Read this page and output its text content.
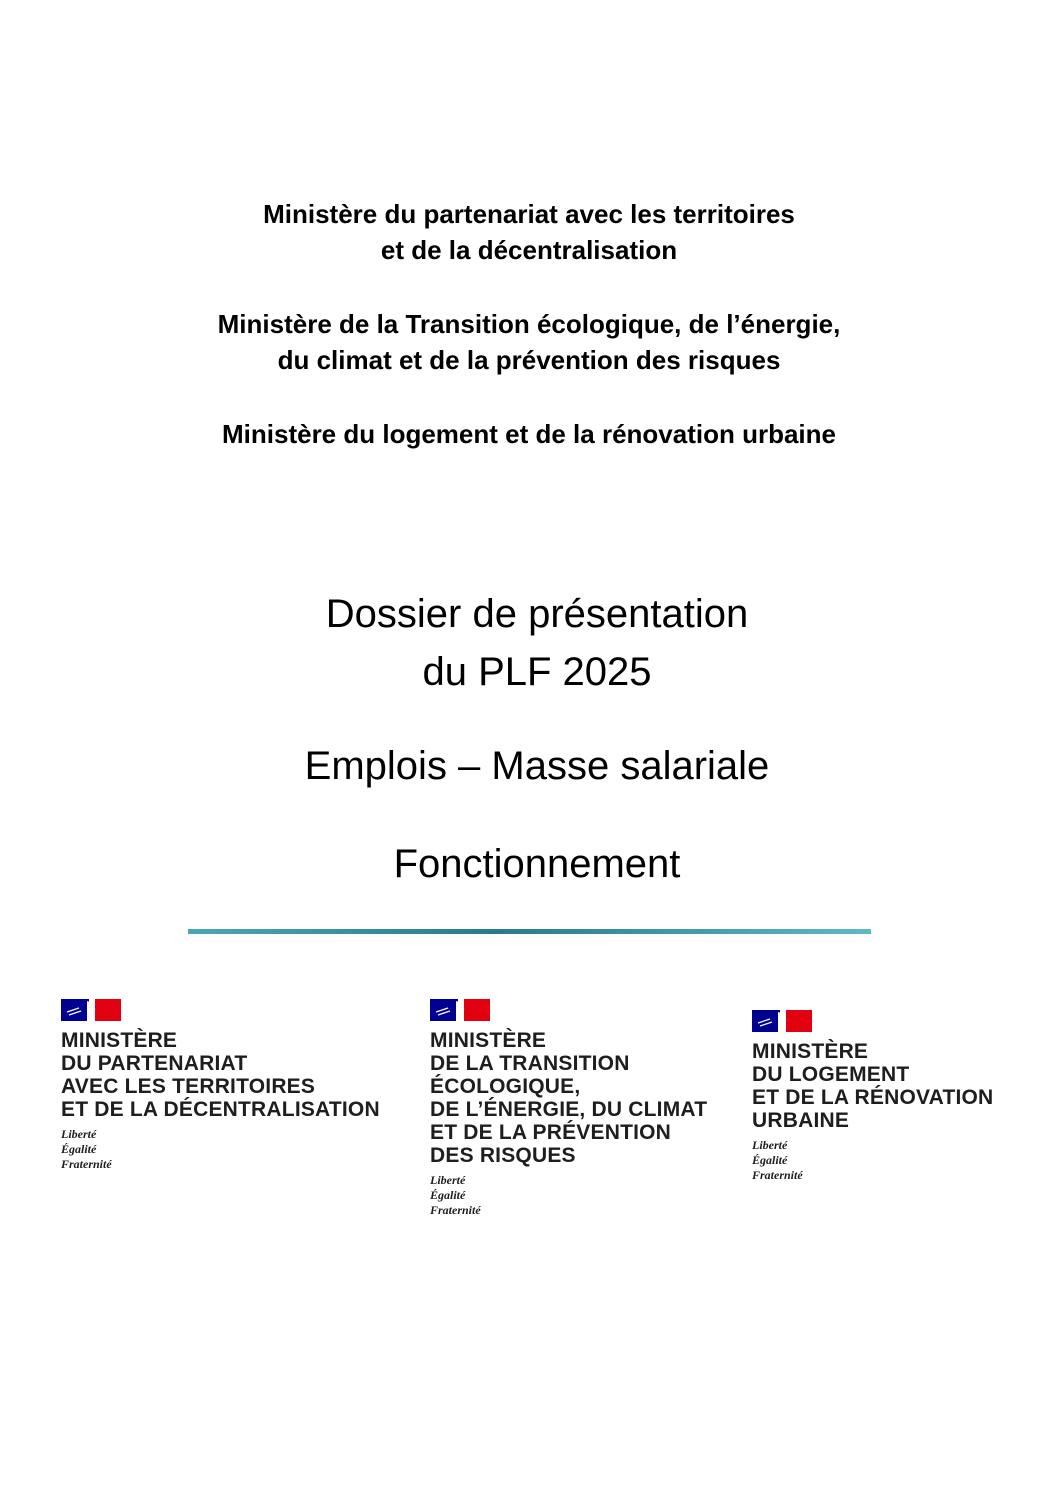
Ministère du partenariat avec les territoires
et de la décentralisation

Ministère de la Transition écologique, de l’énergie,
du climat et de la prévention des risques

Ministère du logement et de la rénovation urbaine

Dossier de présentation
du PLF 2025

Emplois – Masse salariale

Fonctionnement

MINISTÈRE
DU PARTENARIAT
AVEC LES TERRITOIRES
ET DE LA DÉCENTRALISATION
Liberté
Égalité
Fraternité
MINISTÈRE
DE LA TRANSITION
ÉCOLOGIQUE,
DE L’ÉNERGIE, DU CLIMAT
ET DE LA PRÉVENTION
DES RISQUES
Liberté
Égalité
Fraternité
MINISTÈRE
DU LOGEMENT
ET DE LA RÉNOVATION
URBAINE
Liberté
Égalité
Fraternité
